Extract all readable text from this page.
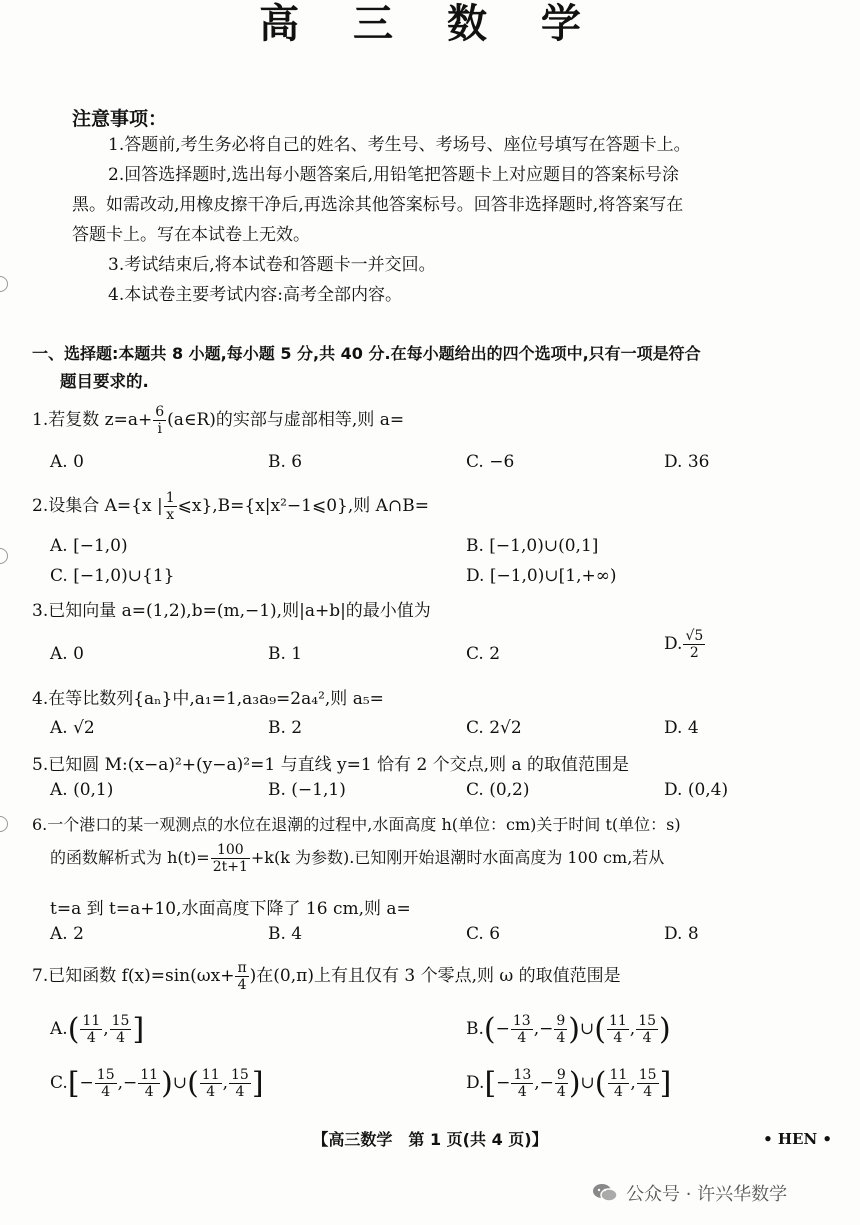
高 三 数 学
注意事项：
1.答题前,考生务必将自己的姓名、考生号、考场号、座位号填写在答题卡上。
2.回答选择题时,选出每小题答案后,用铅笔把答题卡上对应题目的答案标号涂
黑。如需改动,用橡皮擦干净后,再选涂其他答案标号。回答非选择题时,将答案写在
答题卡上。写在本试卷上无效。
3.考试结束后,将本试卷和答题卡一并交回。
4.本试卷主要考试内容:高考全部内容。
一、选择题:本题共 8 小题,每小题 5 分,共 40 分.在每小题给出的四个选项中,只有一项是符合
题目要求的.
1.若复数 $z=a+ \frac{6}{i}$ (a∈R)的实部与虚部相等,则 a=
A. 0	B. 6	C. −6	D. 36
2.设集合 A={x | $\frac{1}{x}$ ⩽x},B={x|x²−1⩽0},则 A∩B=
A. [−1,0)	B. [−1,0)∪(0,1]
C. [−1,0)∪{1}	D. [−1,0)∪[1,+∞)
3.已知向量 a=(1,2),b=(m,−1),则|a+b|的最小值为
A. 0	B. 1	C. 2	D. $\frac{√5}{2}$
4.在等比数列{aₙ}中,a₁=1,a₃a₉=2a₄²,则 a₅=
A. √2	B. 2	C. 2√2	D. 4
5.已知圆 M:(x−a)²+(y−a)²=1 与直线 y=1 恰有 2 个交点,则 a 的取值范围是
A. (0,1)	B. (−1,1)	C. (0,2)	D. (0,4)
6.一个港口的某一观测点的水位在退潮的过程中,水面高度 h(单位：cm)关于时间 t(单位：s)
的函数解析式为 $h(t)= \frac{100}{2t+1} +k(k$ 为参数).已知刚开始退潮时水面高度为 100 cm,若从
t=a 到 t=a+10,水面高度下降了 16 cm,则 a=
A. 2	B. 4	C. 6	D. 8
7.已知函数 $f(x)=\sin(\omega x+ \frac{\pi}{4}$ )在(0,π)上有且仅有 3 个零点,则 ω 的取值范围是
$A.( \frac{11}{4}$ , $\frac{15}{4}$ ]	$B.(- \frac{13}{4}$ ,− $\frac{9}{4}$ )∪( $\frac{11}{4}$ , $\frac{15}{4}$ )
$C.[- \frac{15}{4}$ ,− $\frac{11}{4}$ )∪( $\frac{11}{4}$ , $\frac{15}{4}$ ]	$D.[- \frac{13}{4}$ ,− $\frac{9}{4}$ )∪( $\frac{11}{4}$ , $\frac{15}{4}$ ]
【高三数学　第 1 页(共 4 页)】	• HEN •
公众号 · 许兴华数学
